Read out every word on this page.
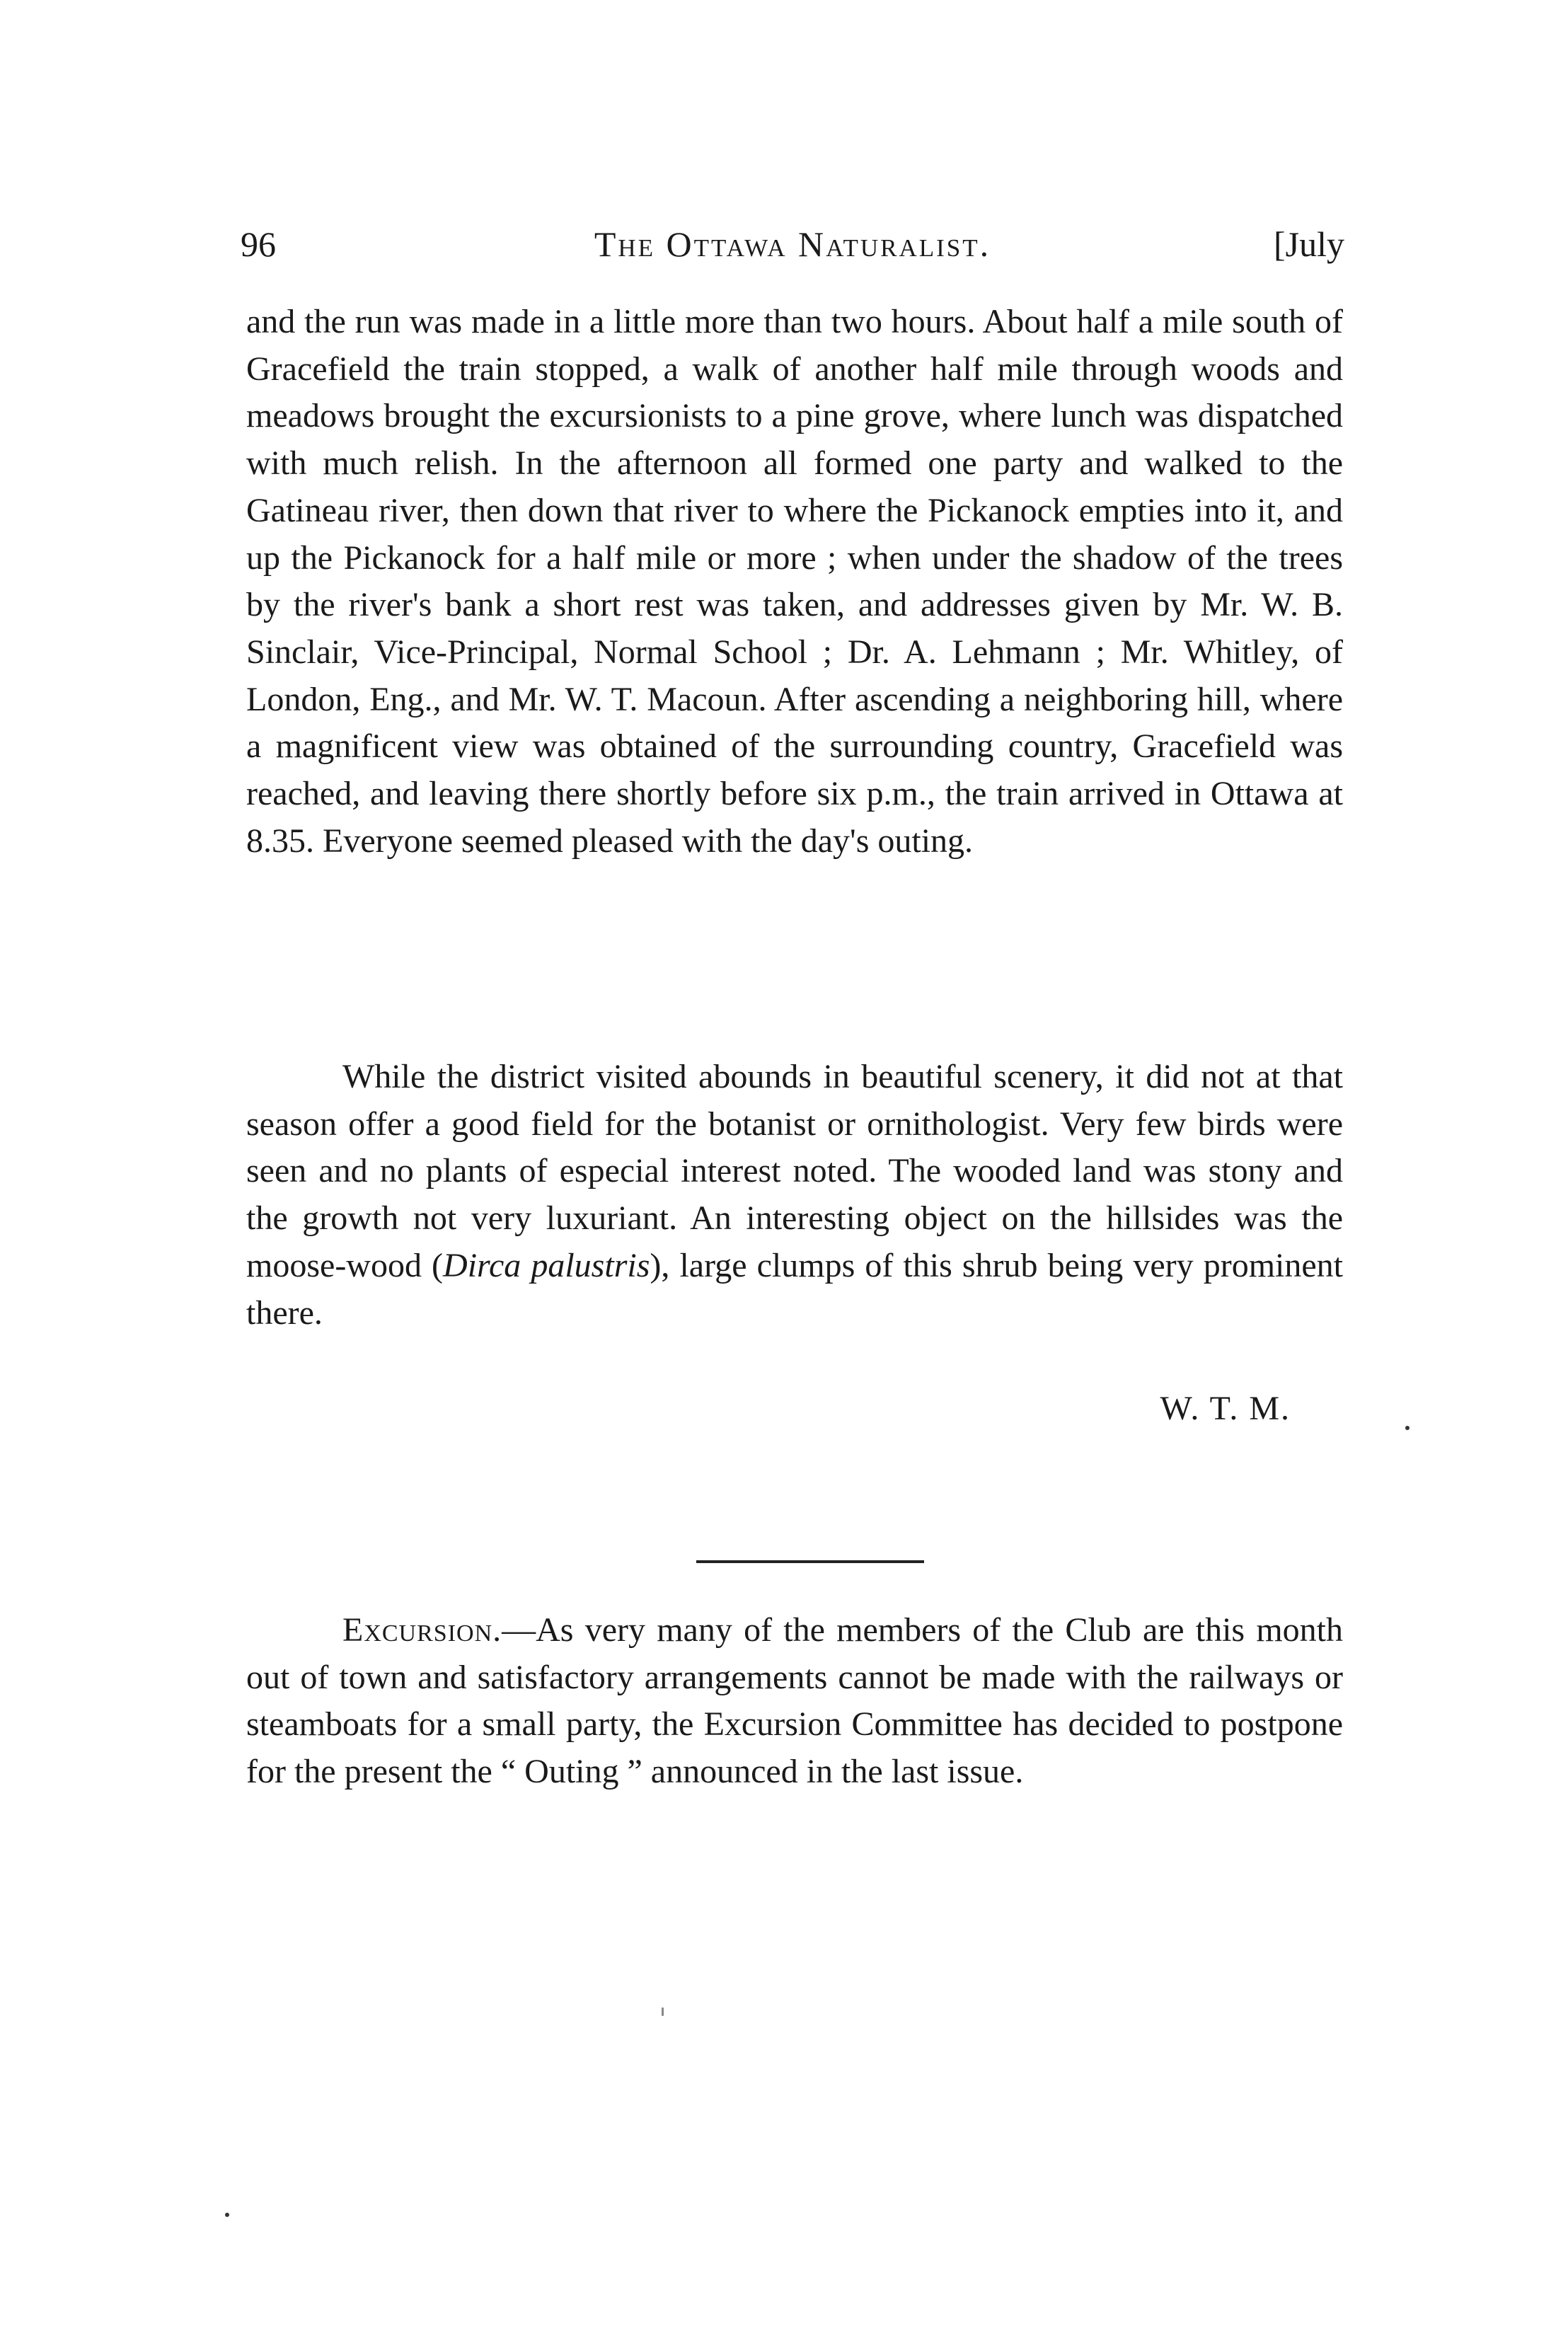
96	The Ottawa Naturalist.	[July

and the run was made in a little more than two hours. About half a mile south of Gracefield the train stopped, a walk of another half mile through woods and meadows brought the excursionists to a pine grove, where lunch was dispatched with much relish. In the afternoon all formed one party and walked to the Gatineau river, then down that river to where the Pickanock empties into it, and up the Pickanock for a half mile or more ; when under the shadow of the trees by the river's bank a short rest was taken, and addresses given by Mr. W. B. Sinclair, Vice-Principal, Normal School ; Dr. A. Lehmann ; Mr. Whitley, of London, Eng., and Mr. W. T. Macoun. After ascending a neighboring hill, where a magnificent view was obtained of the surrounding country, Gracefield was reached, and leaving there shortly before six p.m., the train arrived in Ottawa at 8.35. Everyone seemed pleased with the day's outing.

While the district visited abounds in beautiful scenery, it did not at that season offer a good field for the botanist or ornithologist. Very few birds were seen and no plants of especial interest noted. The wooded land was stony and the growth not very luxuriant. An interesting object on the hillsides was the moose-wood (Dirca palustris), large clumps of this shrub being very prominent there.

W. T. M.

Excursion.—As very many of the members of the Club are this month out of town and satisfactory arrangements cannot be made with the railways or steamboats for a small party, the Excursion Committee has decided to postpone for the present the “ Outing ” announced in the last issue.
